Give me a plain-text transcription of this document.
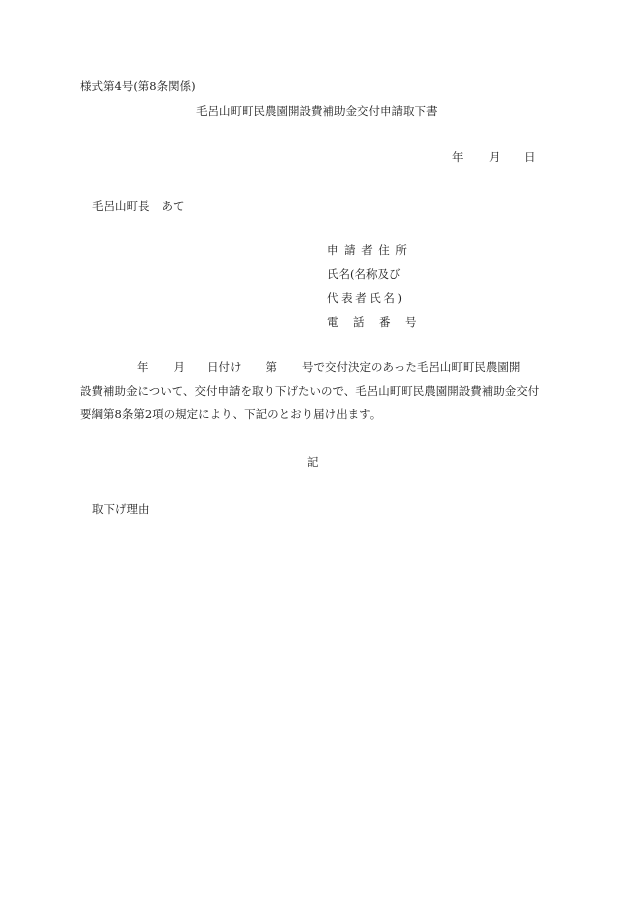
様式第4号(第8条関係)
毛呂山町町民農園開設費補助金交付申請取下書
年 月 日
毛呂山町長 あて
申請者住所
氏名(名称及び
代表者氏名)
電話番号
年 月 日付け 第 号で交付決定のあった毛呂山町町民農園開
設費補助金について、交付申請を取り下げたいので、毛呂山町町民農園開設費補助金交付
要綱第8条第2項の規定により、下記のとおり届け出ます。
記
取下げ理由
